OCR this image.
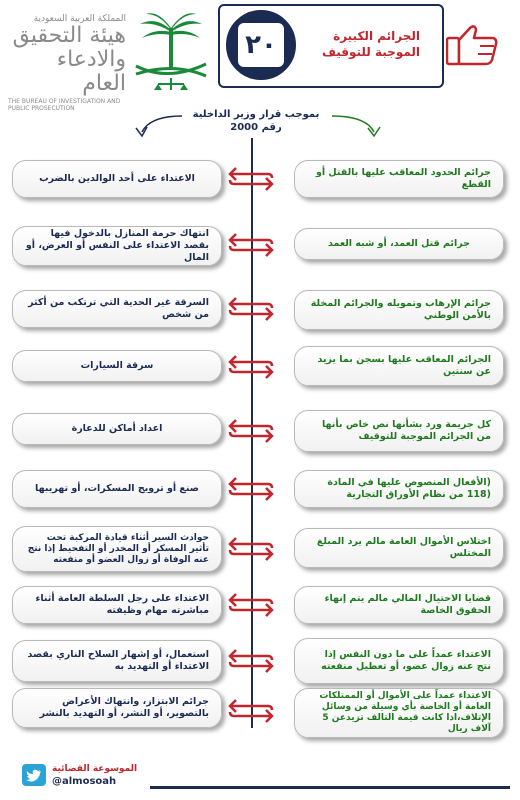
المملكة العربية السعودية
هيئة التحقيق والادعاء العام
THE BUREAU OF INVESTIGATION AND PUBLIC PROSECUTION
٢٠	الجرائم الكبيرة الموجبة للتوقيف
بموجب قرار وزير الداخلية رقم 2000
الاعتداء على أحد الوالدين بالضرب
جرائم الحدود المعاقب عليها بالقتل أو القطع
انتهاك حرمة المنازل بالدخول فيها بقصد الاعتداء على النفس أو العرض، أو المال
جرائم قتل العمد، أو شبه العمد
السرقة غير الحدية التي ترتكب من أكثر من شخص
جرائم الإرهاب وتمويله والجرائم المخلة بالأمن الوطني
سرقة السيارات
الجرائم المعاقب عليها بسجن بما يزيد عن سنتين
اعداد أماكن للدعارة	كل جريمة ورد بشأنها نص خاص بأنها من الجرائم الموجبة للتوقيف
صنع أو ترويج المسكرات، أو تهريبها
(الأفعال المنصوص عليها في المادة (118 من نظام الأوراق التجارية
حوادث السير أثناء قيادة المركبة تحت تأثير المسكر أو المخدر أو التفحيط إذا نتج عنه الوفاة أو زوال العضو أو منفعته
اختلاس الأموال العامة مالم يرد المبلغ المختلس
الاعتداء على رجل السلطة العامة أثناء مباشرته مهام وظيفته
قضايا الاحتيال المالي مالم يتم إنهاء الحقوق الخاصة
استعمال، أو إشهار السلاح الناري بقصد الاعتداء أو التهديد به
الاعتداء عمداً على ما دون النفس إذا نتج عنه زوال عضو، أو تعطيل منفعته
جرائم الابتزاز، وانتهاك الأعراض بالتصوير، أو النشر، أو التهديد بالنشر
الاعتداء عمداً على الأموال أو الممتلكات العامة أو الخاصة بأي وسيلة من وسائل الإتلاف،اذا كانت قيمة التالف تزيدعن 5 آلاف ريال
الموسوعة القضائية
@almosoah
